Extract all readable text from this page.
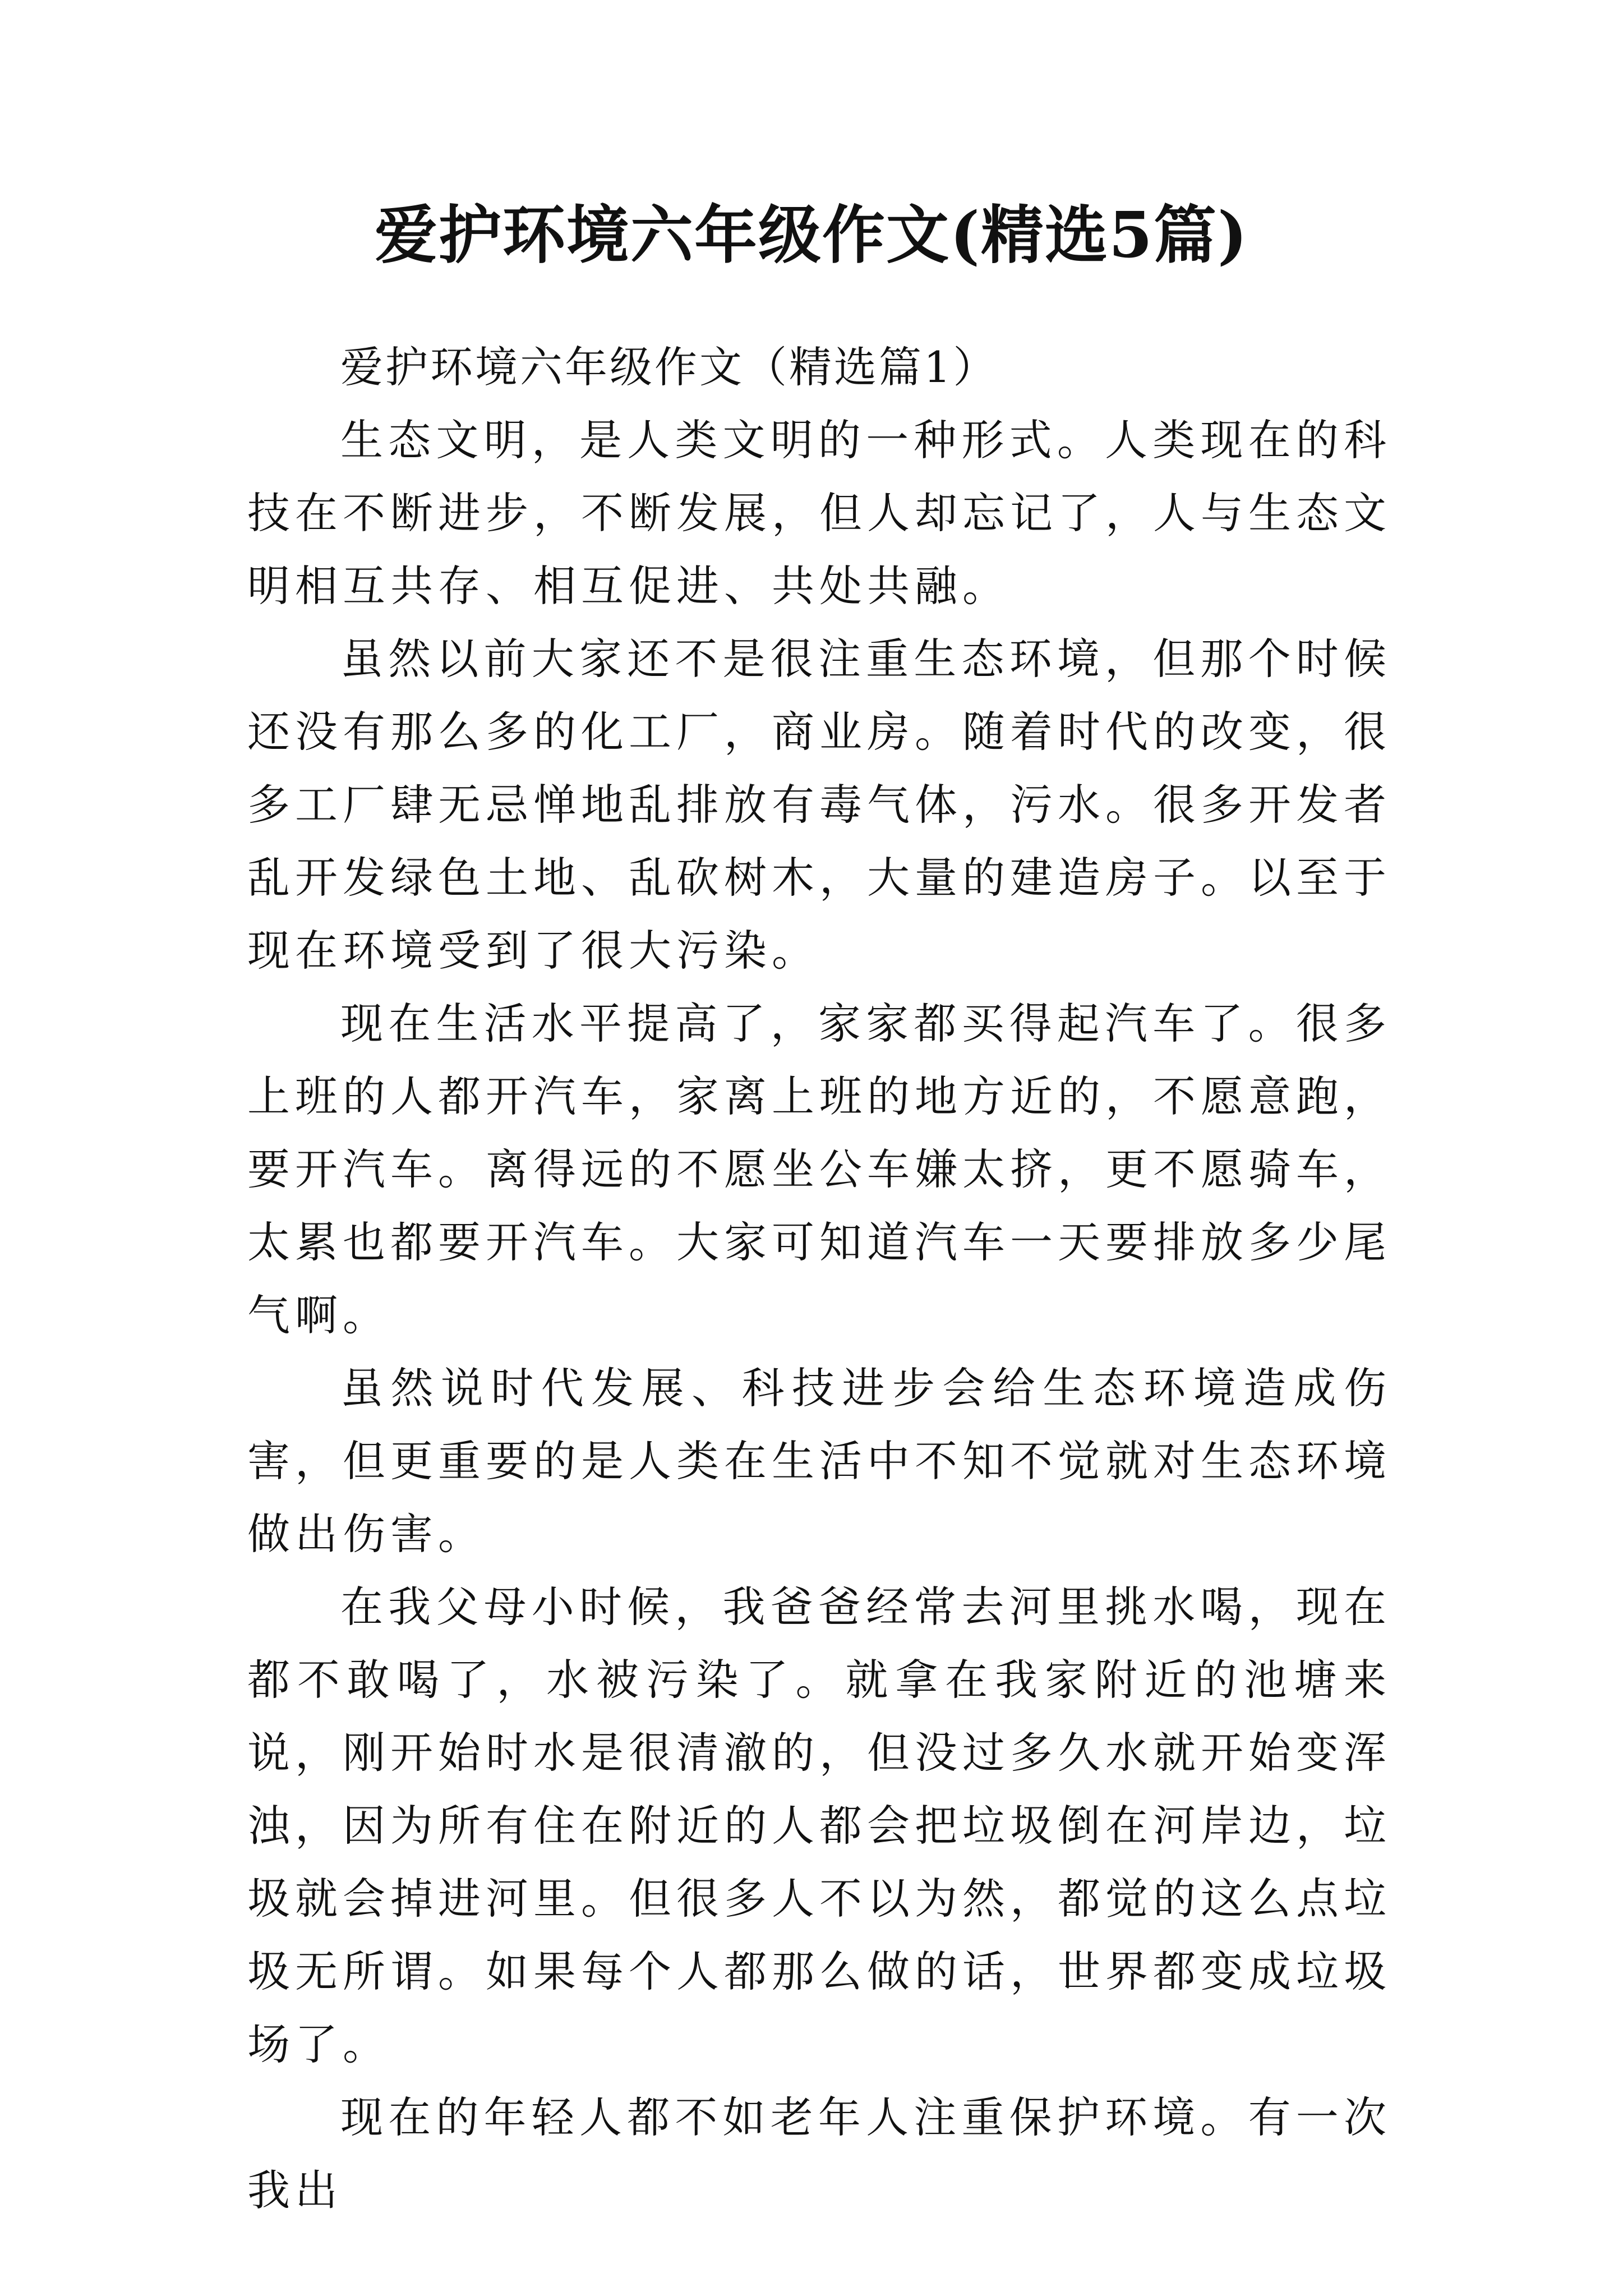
爱护环境六年级作文(精选5篇)

爱护环境六年级作文（精选篇1）

生态文明，是人类文明的一种形式。人类现在的科技在不断进步，不断发展，但人却忘记了，人与生态文明相互共存、相互促进、共处共融。

虽然以前大家还不是很注重生态环境，但那个时候还没有那么多的化工厂，商业房。随着时代的改变，很多工厂肆无忌惮地乱排放有毒气体，污水。很多开发者乱开发绿色土地、乱砍树木，大量的建造房子。以至于现在环境受到了很大污染。

现在生活水平提高了，家家都买得起汽车了。很多上班的人都开汽车，家离上班的地方近的，不愿意跑，要开汽车。离得远的不愿坐公车嫌太挤，更不愿骑车，太累也都要开汽车。大家可知道汽车一天要排放多少尾气啊。

虽然说时代发展、科技进步会给生态环境造成伤害，但更重要的是人类在生活中不知不觉就对生态环境做出伤害。

在我父母小时候，我爸爸经常去河里挑水喝，现在都不敢喝了，水被污染了。就拿在我家附近的池塘来说，刚开始时水是很清澈的，但没过多久水就开始变浑浊，因为所有住在附近的人都会把垃圾倒在河岸边，垃圾就会掉进河里。但很多人不以为然，都觉的这么点垃圾无所谓。如果每个人都那么做的话，世界都变成垃圾场了。

现在的年轻人都不如老年人注重保护环境。有一次我出
